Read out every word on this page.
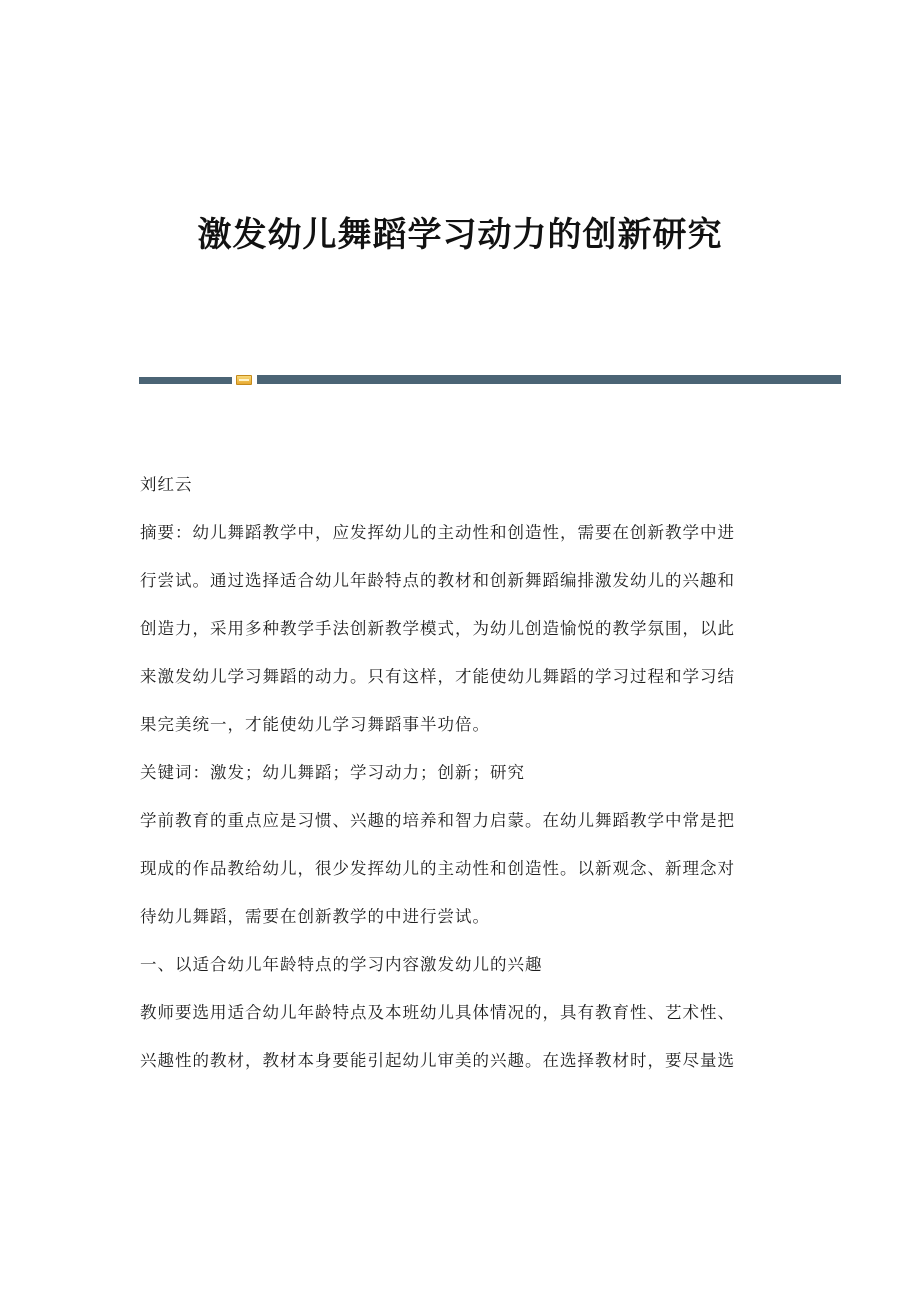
激发幼儿舞蹈学习动力的创新研究

刘红云

摘要：幼儿舞蹈教学中，应发挥幼儿的主动性和创造性，需要在创新教学中进
行尝试。通过选择适合幼儿年龄特点的教材和创新舞蹈编排激发幼儿的兴趣和
创造力，采用多种教学手法创新教学模式，为幼儿创造愉悦的教学氛围，以此
来激发幼儿学习舞蹈的动力。只有这样，才能使幼儿舞蹈的学习过程和学习结
果完美统一，才能使幼儿学习舞蹈事半功倍。

关键词：激发；幼儿舞蹈；学习动力；创新；研究

学前教育的重点应是习惯、兴趣的培养和智力启蒙。在幼儿舞蹈教学中常是把
现成的作品教给幼儿，很少发挥幼儿的主动性和创造性。以新观念、新理念对
待幼儿舞蹈，需要在创新教学的中进行尝试。

一、以适合幼儿年龄特点的学习内容激发幼儿的兴趣

教师要选用适合幼儿年龄特点及本班幼儿具体情况的，具有教育性、艺术性、
兴趣性的教材，教材本身要能引起幼儿审美的兴趣。在选择教材时，要尽量选
